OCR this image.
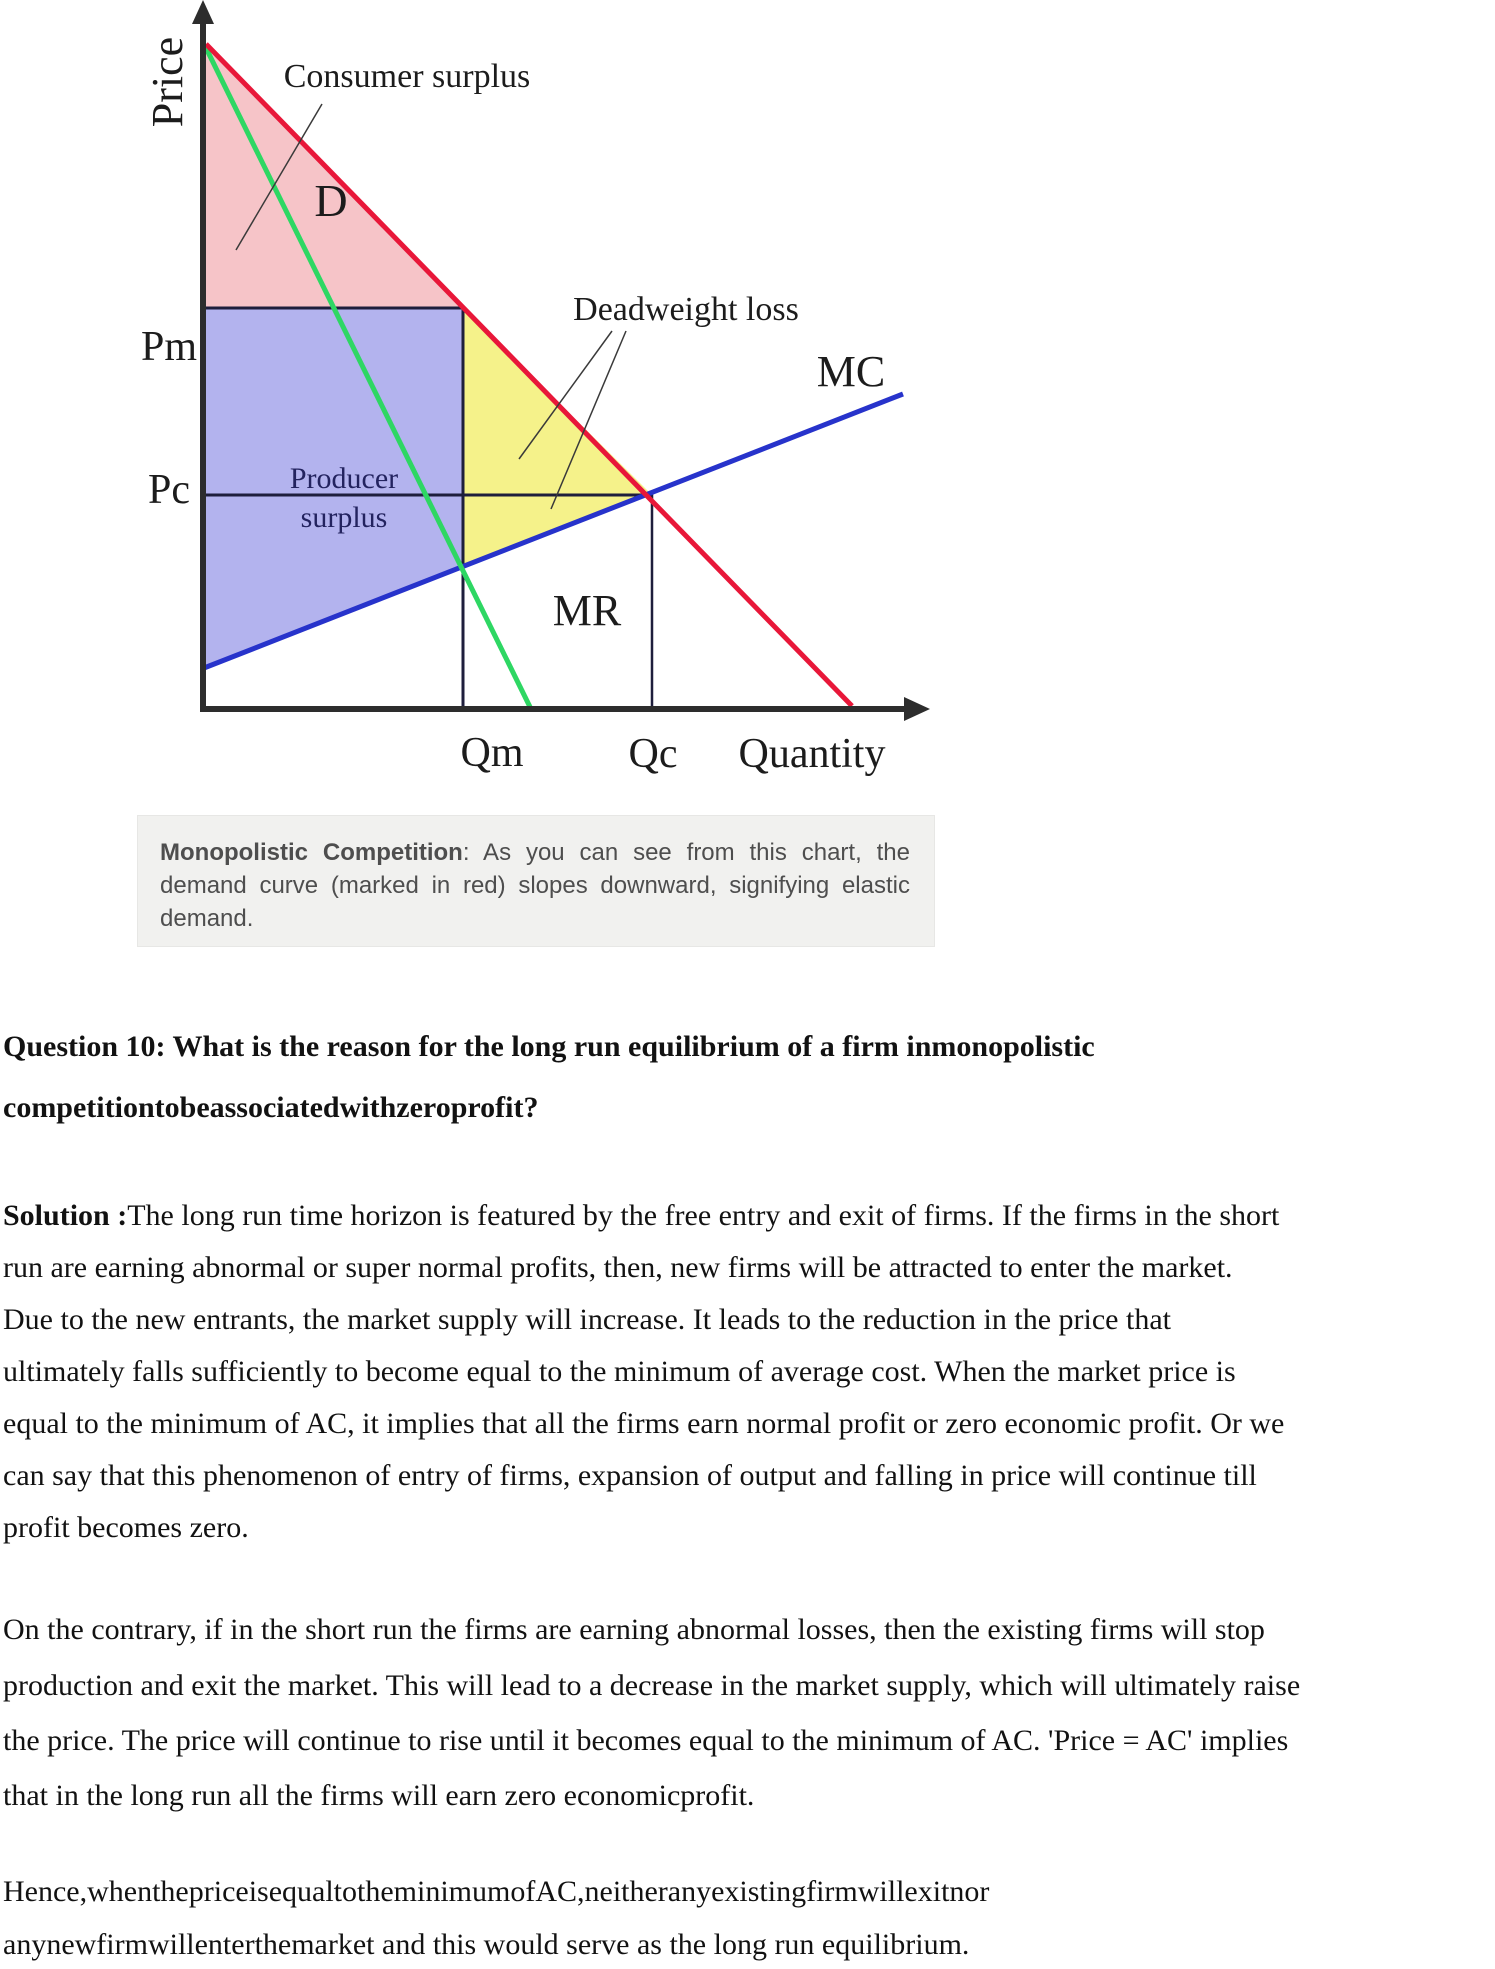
Price	Consumer surplus
D
Deadweight loss
MC
MR
Pm
Pc	Producer
surplus
Qm	Qc Quantity
Monopolistic Competition: As you can see from this chart, the
demand curve (marked in red) slopes downward, signifying elastic
demand.
Question 10: What is the reason for the long run equilibrium of a firm inmonopolistic
competitiontobeassociatedwithzeroprofit?
Solution :The long run time horizon is featured by the free entry and exit of firms. If the firms in the short
run are earning abnormal or super normal profits, then, new firms will be attracted to enter the market.
Due to the new entrants, the market supply will increase. It leads to the reduction in the price that
ultimately falls sufficiently to become equal to the minimum of average cost. When the market price is
equal to the minimum of AC, it implies that all the firms earn normal profit or zero economic profit. Or we
can say that this phenomenon of entry of firms, expansion of output and falling in price will continue till
profit becomes zero.
On the contrary, if in the short run the firms are earning abnormal losses, then the existing firms will stop
production and exit the market. This will lead to a decrease in the market supply, which will ultimately raise
the price. The price will continue to rise until it becomes equal to the minimum of AC. 'Price = AC' implies
that in the long run all the firms will earn zero economicprofit.
Hence,whenthepriceisequaltotheminimumofAC,neitheranyexistingfirmwillexitnor
anynewfirmwillenterthemarket and this would serve as the long run equilibrium.
